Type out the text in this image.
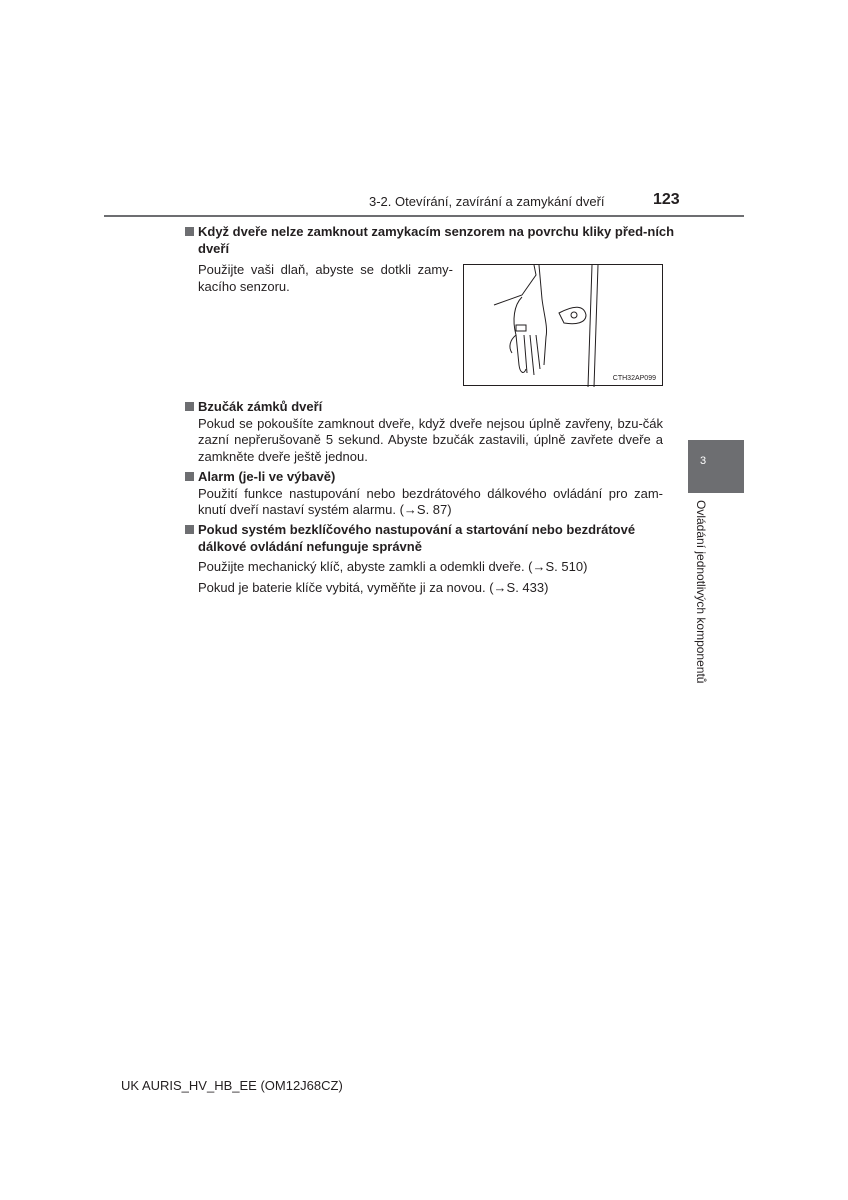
3-2. Otevírání, zavírání a zamykání dveří	123
Když dveře nelze zamknout zamykacím senzorem na povrchu kliky před-ních dveří

Použijte vaši dlaň, abyste se dotkli zamy-kacího senzoru.

CTH32AP099
Bzučák zámků dveří

Pokud se pokoušíte zamknout dveře, když dveře nejsou úplně zavřeny, bzu-čák zazní nepřerušovaně 5 sekund. Abyste bzučák zastavili, úplně zavřete dveře a zamkněte dveře ještě jednou.

Alarm (je-li ve výbavě)

Použití funkce nastupování nebo bezdrátového dálkového ovládání pro zam-knutí dveří nastaví systém alarmu. (→S. 87)

Pokud systém bezklíčového nastupování a startování nebo bezdrátové dálkové ovládání nefunguje správně

Použijte mechanický klíč, abyste zamkli a odemkli dveře. (→S. 510)

Pokud je baterie klíče vybitá, vyměňte ji za novou. (→S. 433)

3
Ovládání jednotlivých komponentů
UK AURIS_HV_HB_EE (OM12J68CZ)
